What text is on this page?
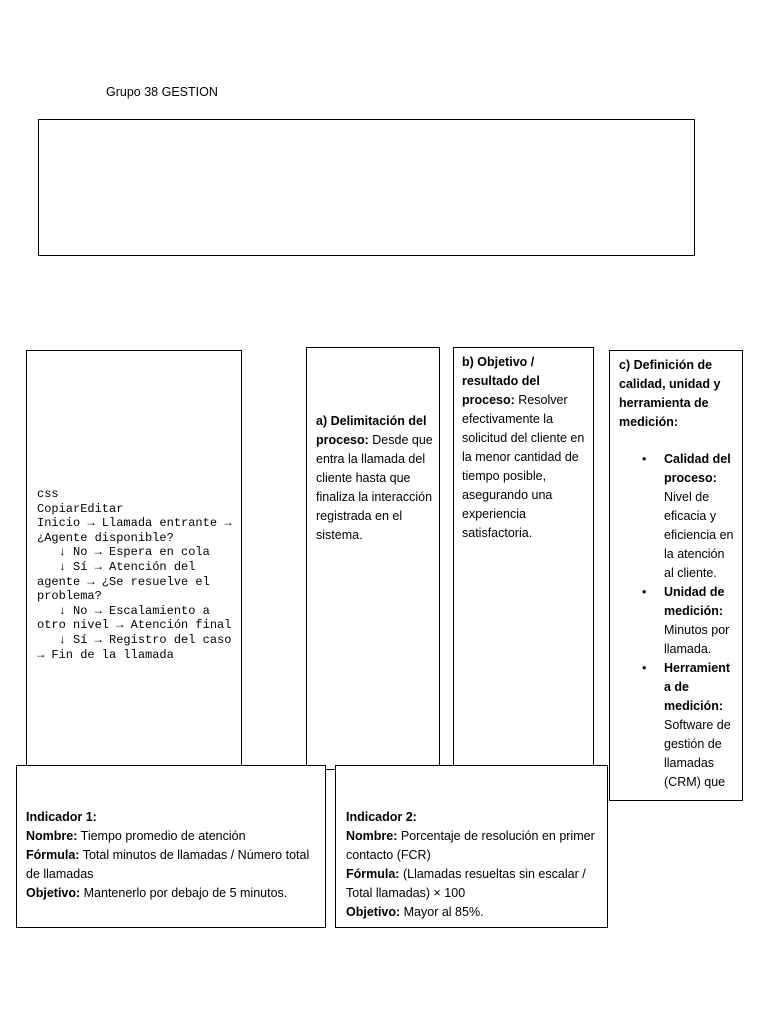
Grupo 38 GESTION
css
CopiarEditar
Inicio → Llamada entrante → ¿Agente disponible?
↓ No → Espera en cola
↓ Sí → Atención del agente → ¿Se resuelve el problema?
↓ No → Escalamiento a otro nivel → Atención final
↓ Sí → Registro del caso → Fin de la llamada
a) Delimitación del proceso: Desde que entra la llamada del cliente hasta que finaliza la interacción registrada en el sistema.
b) Objetivo / resultado del proceso: Resolver efectivamente la solicitud del cliente en la menor cantidad de tiempo posible, asegurando una experiencia satisfactoria.
c) Definición de calidad, unidad y herramienta de medición:
• Calidad del proceso: Nivel de eficacia y eficiencia en la atención al cliente.
• Unidad de medición: Minutos por llamada.
• Herramient a de medición: Software de gestión de llamadas (CRM) que

Indicador 1:

Nombre: Tiempo promedio de atención

Fórmula: Total minutos de llamadas / Número total de llamadas

Objetivo: Mantenerlo por debajo de 5 minutos.

Indicador 2:

Nombre: Porcentaje de resolución en primer contacto (FCR)

Fórmula: (Llamadas resueltas sin escalar / Total llamadas) × 100

Objetivo: Mayor al 85%.
